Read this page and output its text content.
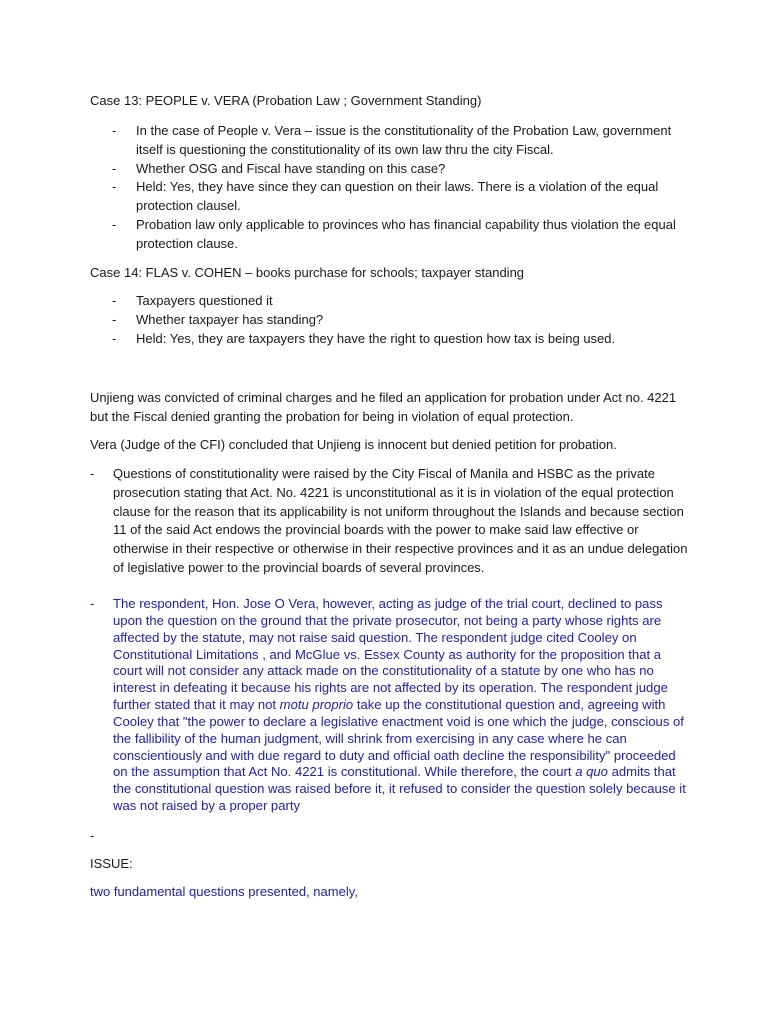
Case 13: PEOPLE v. VERA (Probation Law ; Government Standing)

- In the case of People v. Vera – issue is the constitutionality of the Probation Law, government itself is questioning the constitutionality of its own law thru the city Fiscal.
- Whether OSG and Fiscal have standing on this case?
- Held: Yes, they have since they can question on their laws. There is a violation of the equal protection clausel.
- Probation law only applicable to provinces who has financial capability thus violation the equal protection clause.

Case 14: FLAS v. COHEN – books purchase for schools; taxpayer standing

- Taxpayers questioned it
- Whether taxpayer has standing?
- Held: Yes, they are taxpayers they have the right to question how tax is being used.

Unjieng was convicted of criminal charges and he filed an application for probation under Act no. 4221 but the Fiscal denied granting the probation for being in violation of equal protection.

Vera (Judge of the CFI) concluded that Unjieng is innocent but denied petition for probation.

- Questions of constitutionality were raised by the City Fiscal of Manila and HSBC as the private prosecution stating that Act. No. 4221 is unconstitutional as it is in violation of the equal protection clause for the reason that its applicability is not uniform throughout the Islands and because section 11 of the said Act endows the provincial boards with the power to make said law effective or otherwise in their respective or otherwise in their respective provinces and it as an undue delegation of legislative power to the provincial boards of several provinces.
- The respondent, Hon. Jose O Vera, however, acting as judge of the trial court, declined to pass upon the question on the ground that the private prosecutor, not being a party whose rights are affected by the statute, may not raise said question. The respondent judge cited Cooley on Constitutional Limitations , and McGlue vs. Essex County as authority for the proposition that a court will not consider any attack made on the constitutionality of a statute by one who has no interest in defeating it because his rights are not affected by its operation. The respondent judge further stated that it may not motu proprio take up the constitutional question and, agreeing with Cooley that "the power to declare a legislative enactment void is one which the judge, conscious of the fallibility of the human judgment, will shrink from exercising in any case where he can conscientiously and with due regard to duty and official oath decline the responsibility" proceeded on the assumption that Act No. 4221 is constitutional. While therefore, the court a quo admits that the constitutional question was raised before it, it refused to consider the question solely because it was not raised by a proper party

-

ISSUE:

two fundamental questions presented, namely,
